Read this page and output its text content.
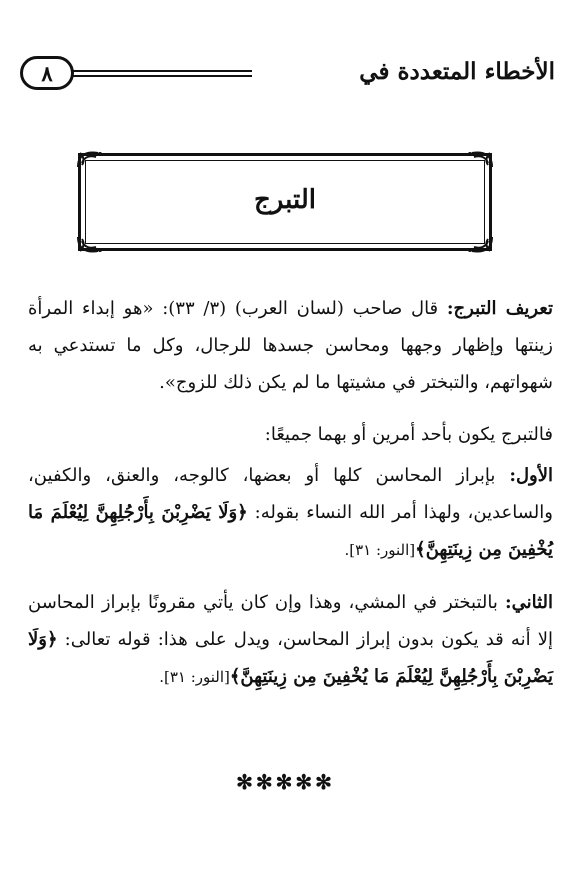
٨	الأخطاء المتعددة في
التبرج

تعريف التبرج: قال صاحب (لسان العرب) (٣/ ٣٣): «هو إبداء المرأة زينتها وإظهار وجهها ومحاسن جسدها للرجال، وكل ما تستدعي به شهواتهم، والتبختر في مشيتها ما لم يكن ذلك للزوج».

فالتبرج يكون بأحد أمرين أو بهما جميعًا:

الأول: بإبراز المحاسن كلها أو بعضها، كالوجه، والعنق، والكفين، والساعدين، ولهذا أمر الله النساء بقوله: ﴿وَلَا يَضْرِبْنَ بِأَرْجُلِهِنَّ لِيُعْلَمَ مَا يُخْفِينَ مِن زِينَتِهِنَّ﴾[النور: ٣١].

الثاني: بالتبختر في المشي، وهذا وإن كان يأتي مقرونًا بإبراز المحاسن إلا أنه قد يكون بدون إبراز المحاسن، ويدل على هذا: قوله تعالى: ﴿وَلَا يَضْرِبْنَ بِأَرْجُلِهِنَّ لِيُعْلَمَ مَا يُخْفِينَ مِن زِينَتِهِنَّ﴾[النور: ٣١].

✻✻✻✻✻
